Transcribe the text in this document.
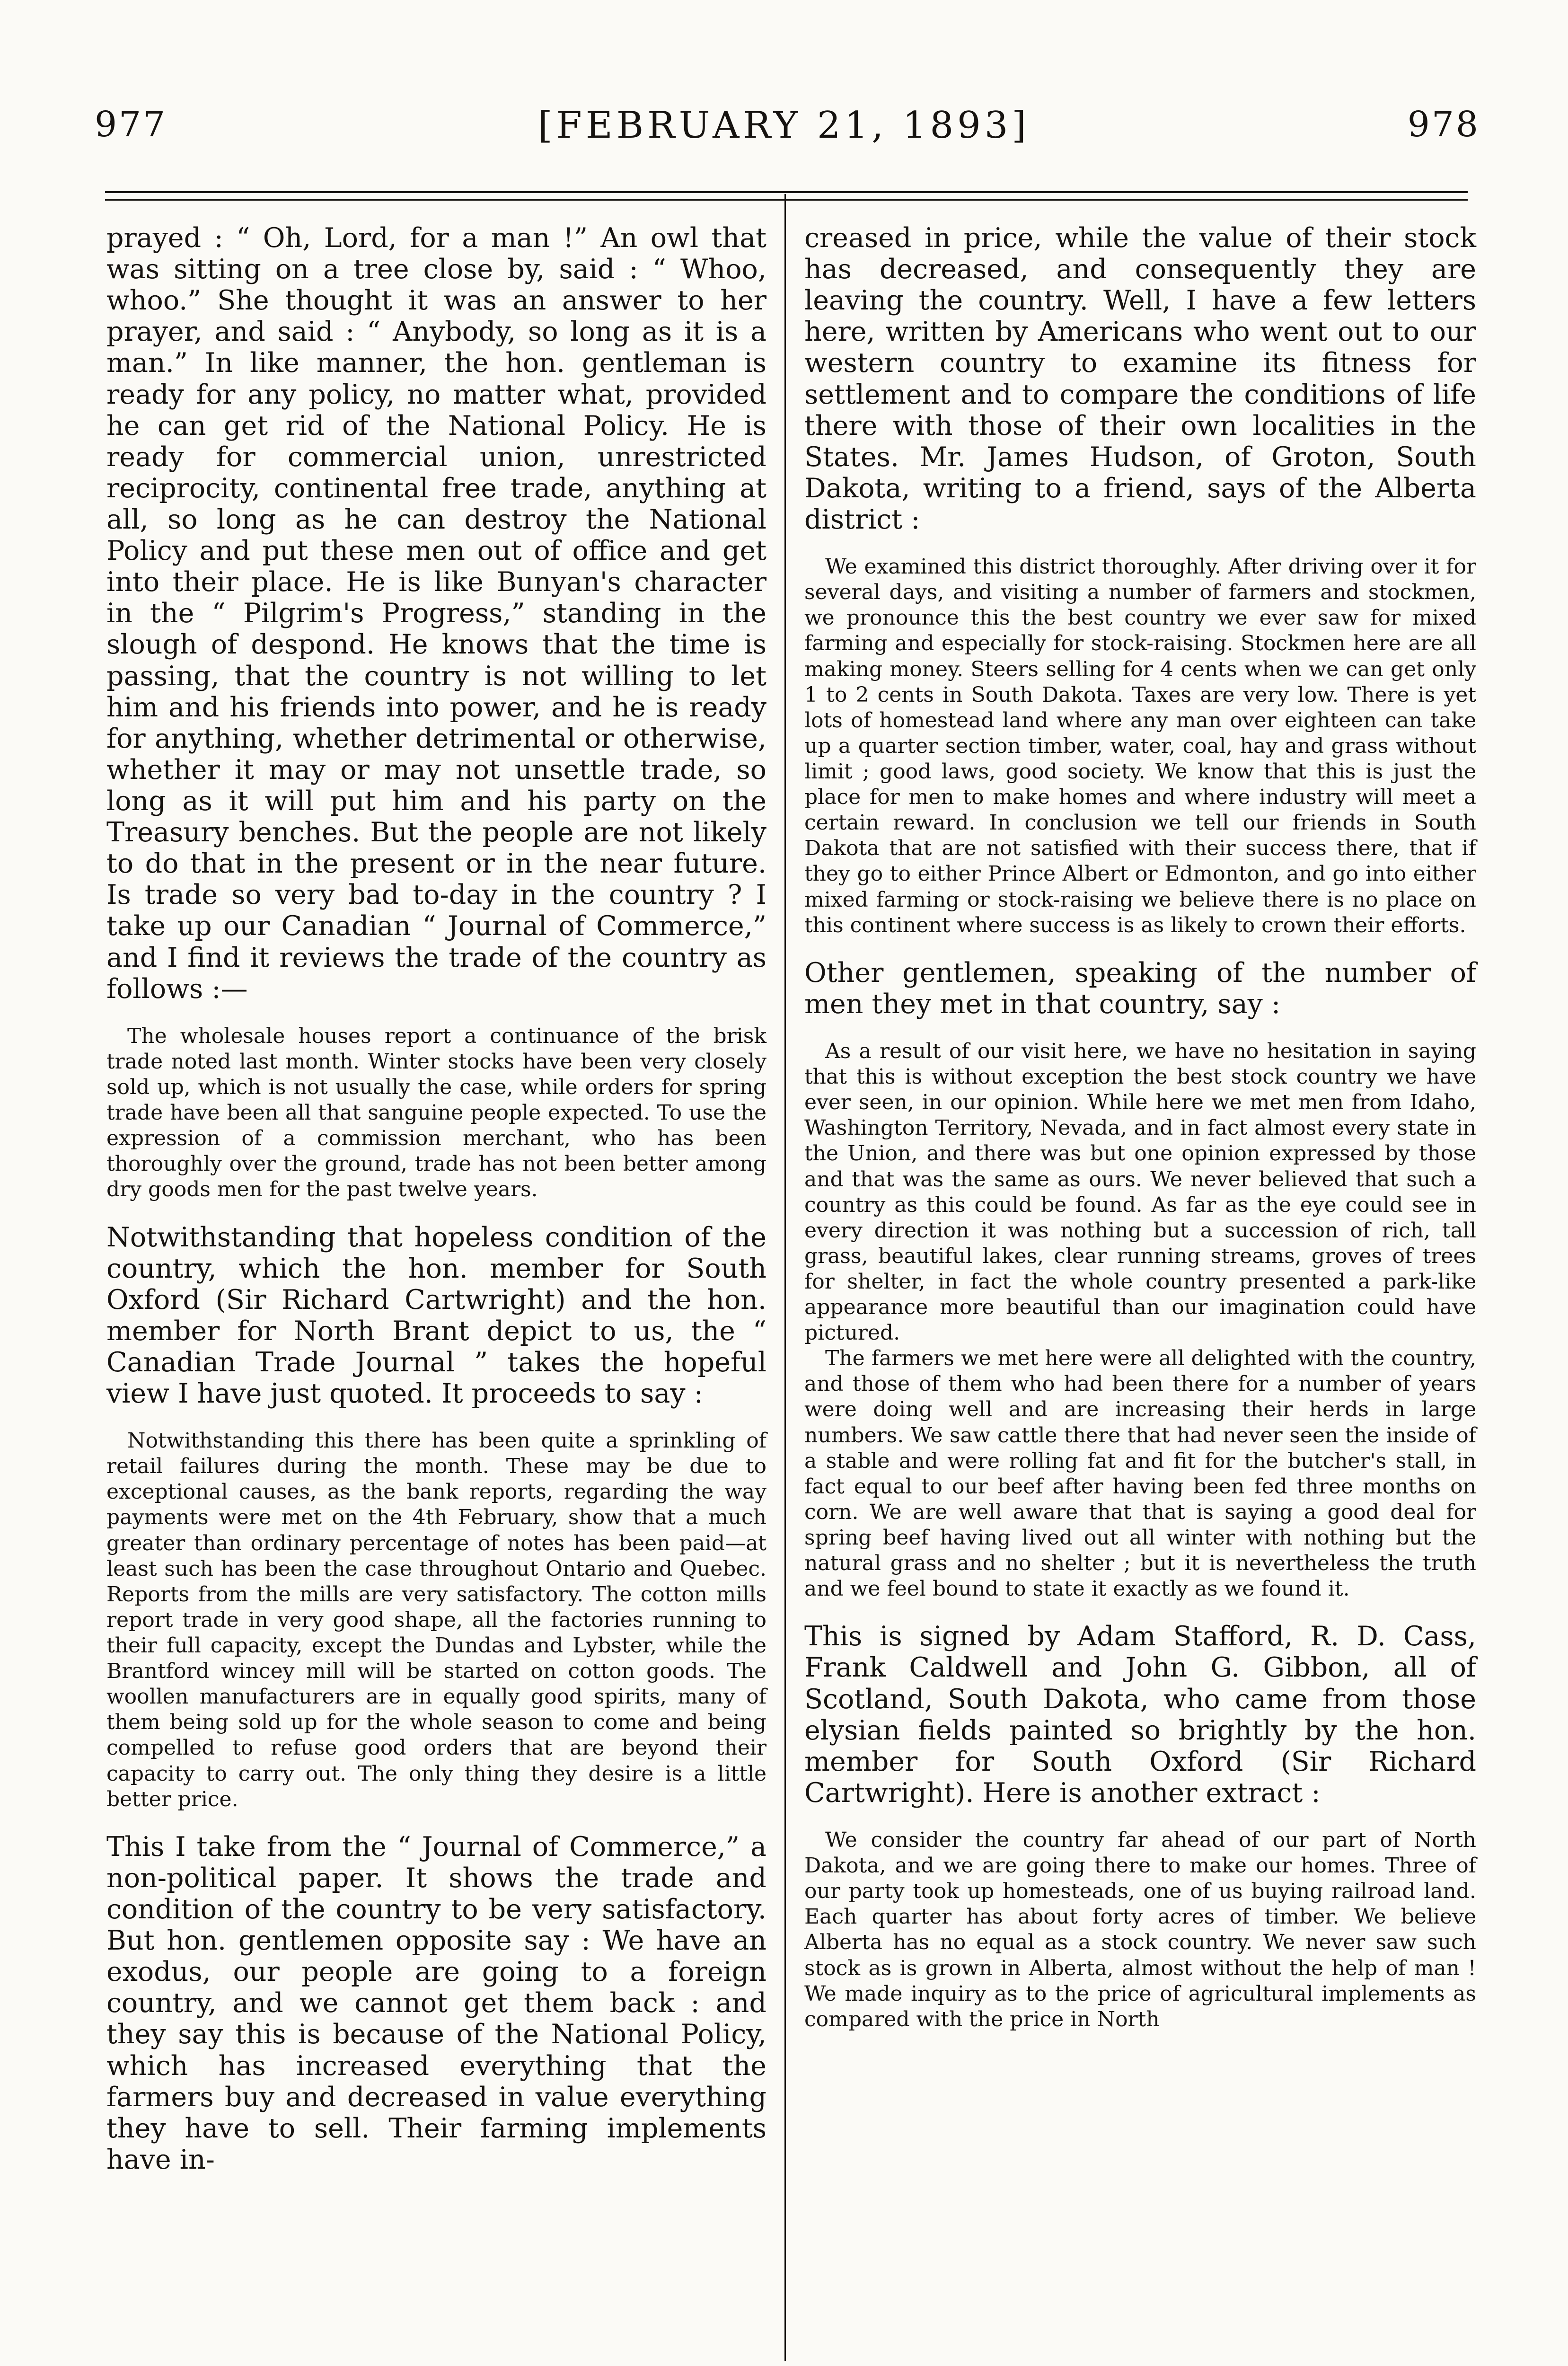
977	[FEBRUARY 21, 1893]	978

prayed : “ Oh, Lord, for a man !” An owl that was sitting on a tree close by, said : “ Whoo, whoo.” She thought it was an answer to her prayer, and said : “ Anybody, so long as it is a man.” In like manner, the hon. gentleman is ready for any policy, no matter what, provided he can get rid of the National Policy. He is ready for commercial union, unrestricted reciprocity, continental free trade, anything at all, so long as he can destroy the National Policy and put these men out of office and get into their place. He is like Bunyan's character in the “ Pilgrim's Progress,” standing in the slough of despond. He knows that the time is passing, that the country is not willing to let him and his friends into power, and he is ready for anything, whether detrimental or otherwise, whether it may or may not unsettle trade, so long as it will put him and his party on the Treasury benches. But the people are not likely to do that in the present or in the near future. Is trade so very bad to-day in the country ? I take up our Canadian “ Journal of Commerce,” and I find it reviews the trade of the country as follows :—

The wholesale houses report a continuance of the brisk trade noted last month. Winter stocks have been very closely sold up, which is not usually the case, while orders for spring trade have been all that sanguine people expected. To use the expression of a commission merchant, who has been thoroughly over the ground, trade has not been better among dry goods men for the past twelve years.

Notwithstanding that hopeless condition of the country, which the hon. member for South Oxford (Sir Richard Cartwright) and the hon. member for North Brant depict to us, the “ Canadian Trade Journal ” takes the hopeful view I have just quoted. It proceeds to say :

Notwithstanding this there has been quite a sprinkling of retail failures during the month. These may be due to exceptional causes, as the bank reports, regarding the way payments were met on the 4th February, show that a much greater than ordinary percentage of notes has been paid—at least such has been the case throughout Ontario and Quebec. Reports from the mills are very satisfactory. The cotton mills report trade in very good shape, all the factories running to their full capacity, except the Dundas and Lybster, while the Brantford wincey mill will be started on cotton goods. The woollen manufacturers are in equally good spirits, many of them being sold up for the whole season to come and being compelled to refuse good orders that are beyond their capacity to carry out. The only thing they desire is a little better price.

This I take from the “ Journal of Commerce,” a non-political paper. It shows the trade and condition of the country to be very satisfactory. But hon. gentlemen opposite say : We have an exodus, our people are going to a foreign country, and we cannot get them back : and they say this is because of the National Policy, which has increased everything that the farmers buy and decreased in value everything they have to sell. Their farming implements have in-

creased in price, while the value of their stock has decreased, and consequently they are leaving the country. Well, I have a few letters here, written by Americans who went out to our western country to examine its fitness for settlement and to compare the conditions of life there with those of their own localities in the States. Mr. James Hudson, of Groton, South Dakota, writing to a friend, says of the Alberta district :

We examined this district thoroughly. After driving over it for several days, and visiting a number of farmers and stockmen, we pronounce this the best country we ever saw for mixed farming and especially for stock-raising. Stockmen here are all making money. Steers selling for 4 cents when we can get only 1 to 2 cents in South Dakota. Taxes are very low. There is yet lots of homestead land where any man over eighteen can take up a quarter section timber, water, coal, hay and grass without limit ; good laws, good society. We know that this is just the place for men to make homes and where industry will meet a certain reward. In conclusion we tell our friends in South Dakota that are not satisfied with their success there, that if they go to either Prince Albert or Edmonton, and go into either mixed farming or stock-raising we believe there is no place on this continent where success is as likely to crown their efforts.

Other gentlemen, speaking of the number of men they met in that country, say :

As a result of our visit here, we have no hesitation in saying that this is without exception the best stock country we have ever seen, in our opinion. While here we met men from Idaho, Washington Territory, Nevada, and in fact almost every state in the Union, and there was but one opinion expressed by those and that was the same as ours. We never believed that such a country as this could be found. As far as the eye could see in every direction it was nothing but a succession of rich, tall grass, beautiful lakes, clear running streams, groves of trees for shelter, in fact the whole country presented a park-like appearance more beautiful than our imagination could have pictured.

The farmers we met here were all delighted with the country, and those of them who had been there for a number of years were doing well and are increasing their herds in large numbers. We saw cattle there that had never seen the inside of a stable and were rolling fat and fit for the butcher's stall, in fact equal to our beef after having been fed three months on corn. We are well aware that that is saying a good deal for spring beef having lived out all winter with nothing but the natural grass and no shelter ; but it is nevertheless the truth and we feel bound to state it exactly as we found it.

This is signed by Adam Stafford, R. D. Cass, Frank Caldwell and John G. Gibbon, all of Scotland, South Dakota, who came from those elysian fields painted so brightly by the hon. member for South Oxford (Sir Richard Cartwright). Here is another extract :

We consider the country far ahead of our part of North Dakota, and we are going there to make our homes. Three of our party took up homesteads, one of us buying railroad land. Each quarter has about forty acres of timber. We believe Alberta has no equal as a stock country. We never saw such stock as is grown in Alberta, almost without the help of man ! We made inquiry as to the price of agricultural implements as compared with the price in North
